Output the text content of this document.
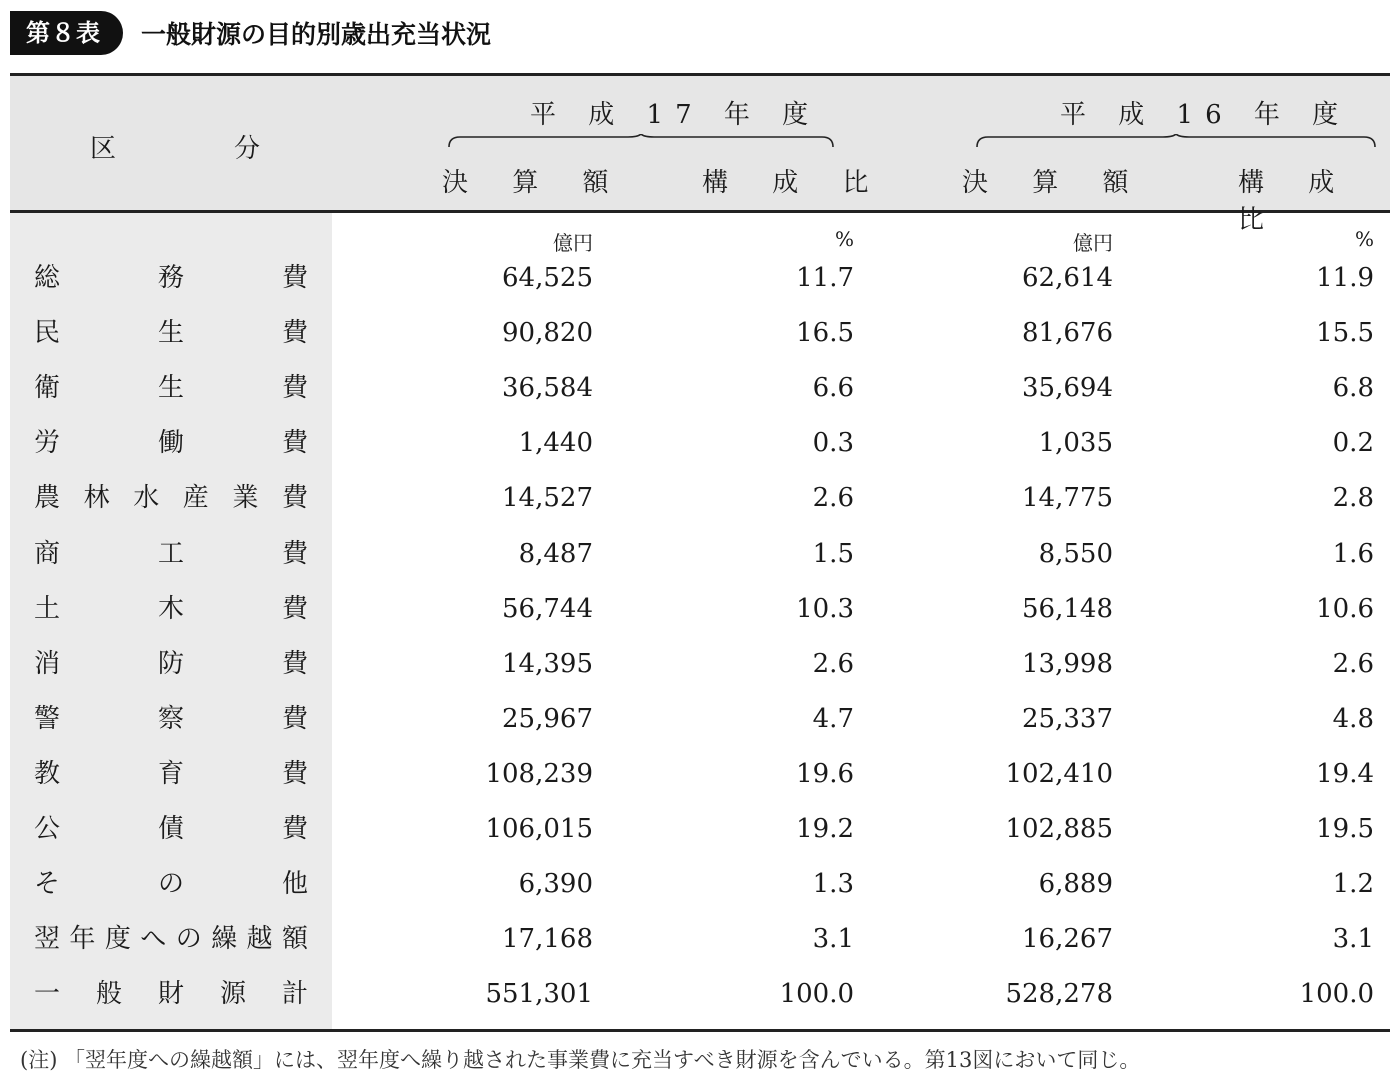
第８表	一般財源の目的別歳出充当状況
区	分
平 成 17 年 度	平 成 16 年 度
決 算 額	構 成 比	決 算 額	構 成 比
億円	%	億円	%
総	務	費	64,525	11.7	62,614	11.9
民	生	費	90,820	16.5	81,676	15.5
衛	生	費	36,584	6.6	35,694	6.8
労	働	費	1,440	0.3	1,035	0.2
農 林 水 産 業 費	14,527	2.6	14,775	2.8
商	工	費	8,487	1.5	8,550	1.6
土	木	費	56,744	10.3	56,148	10.6
消	防	費	14,395	2.6	13,998	2.6
警	察	費	25,967	4.7	25,337	4.8
教	育	費	108,239	19.6	102,410	19.4
公	債	費	106,015	19.2	102,885	19.5
そ	の	他	6,390	1.3	6,889	1.2
翌 年 度 へ の 繰 越 額	17,168	3.1	16,267	3.1
一 般 財 源 計	551,301	100.0	528,278	100.0
(注) 「翌年度への繰越額」には、翌年度へ繰り越された事業費に充当すべき財源を含んでいる。第13図において同じ。
